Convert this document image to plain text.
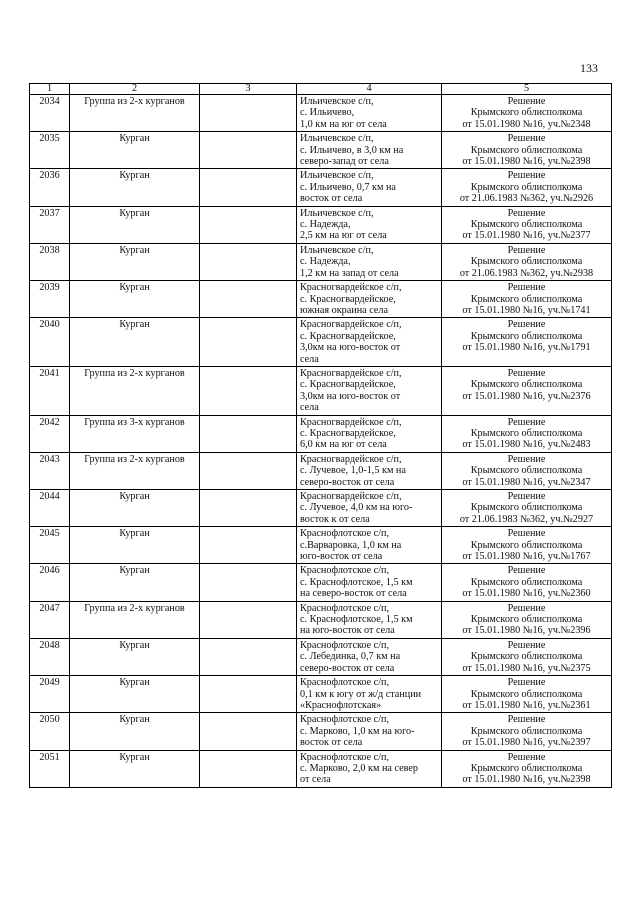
133
1	2	3	4	5
2034	Группа из 2-х курганов		Ильичевское с/п,
с. Ильичево,
1,0 км на юг от села	Решение
Крымского облисполкома
от 15.01.1980 №16, уч.№2348
2035	Курган		Ильичевское с/п,
с. Ильичево, в 3,0 км на
северо-запад от села	Решение
Крымского облисполкома
от 15.01.1980 №16, уч.№2398
2036	Курган		Ильичевское с/п,
с. Ильичево, 0,7 км на
восток от села	Решение
Крымского облисполкома
от 21.06.1983 №362, уч.№2926
2037	Курган		Ильичевское с/п,
с. Надежда,
2,5 км на юг от села	Решение
Крымского облисполкома
от 15.01.1980 №16, уч.№2377
2038	Курган		Ильичевское с/п,
с. Надежда,
1,2 км на запад от села	Решение
Крымского облисполкома
от 21.06.1983 №362, уч.№2938
2039	Курган		Красногвардейское с/п,
с. Красногвардейское,
южная окраина села	Решение
Крымского облисполкома
от 15.01.1980 №16, уч.№1741
2040	Курган		Красногвардейское с/п,
с. Красногвардейское,
3,0км на юго-восток от
села	Решение
Крымского облисполкома
от 15.01.1980 №16, уч.№1791
2041	Группа из 2-х курганов		Красногвардейское с/п,
с. Красногвардейское,
3,0км на юго-восток от
села	Решение
Крымского облисполкома
от 15.01.1980 №16, уч.№2376
2042	Группа из 3-х курганов		Красногвардейское с/п,
с. Красногвардейское,
6,0 км на юг от села	Решение
Крымского облисполкома
от 15.01.1980 №16, уч.№2483
2043	Группа из 2-х курганов		Красногвардейское с/п,
с. Лучевое, 1,0-1,5 км на
северо-восток от села	Решение
Крымского облисполкома
от 15.01.1980 №16, уч.№2347
2044	Курган		Красногвардейское с/п,
с. Лучевое, 4,0 км на юго-
восток к от села	Решение
Крымского облисполкома
от 21.06.1983 №362, уч.№2927
2045	Курган		Краснофлотское с/п,
с.Варваровка, 1,0 км на
юго-восток от села	Решение
Крымского облисполкома
от 15.01.1980 №16, уч.№1767
2046	Курган		Краснофлотское с/п,
с. Краснофлотское, 1,5 км
на северо-восток от села	Решение
Крымского облисполкома
от 15.01.1980 №16, уч.№2360
2047	Группа из 2-х курганов		Краснофлотское с/п,
с. Краснофлотское, 1,5 км
на юго-восток от села	Решение
Крымского облисполкома
от 15.01.1980 №16, уч.№2396
2048	Курган		Краснофлотское с/п,
с. Лебединка, 0,7 км на
северо-восток от села	Решение
Крымского облисполкома
от 15.01.1980 №16, уч.№2375
2049	Курган		Краснофлотское с/п,
0,1 км к югу от ж/д станции
«Краснофлотская»	Решение
Крымского облисполкома
от 15.01.1980 №16, уч.№2361
2050	Курган		Краснофлотское с/п,
с. Марково, 1,0 км на юго-
восток от села	Решение
Крымского облисполкома
от 15.01.1980 №16, уч.№2397
2051	Курган		Краснофлотское с/п,
с. Марково, 2,0 км на север
от села	Решение
Крымского облисполкома
от 15.01.1980 №16, уч.№2398
